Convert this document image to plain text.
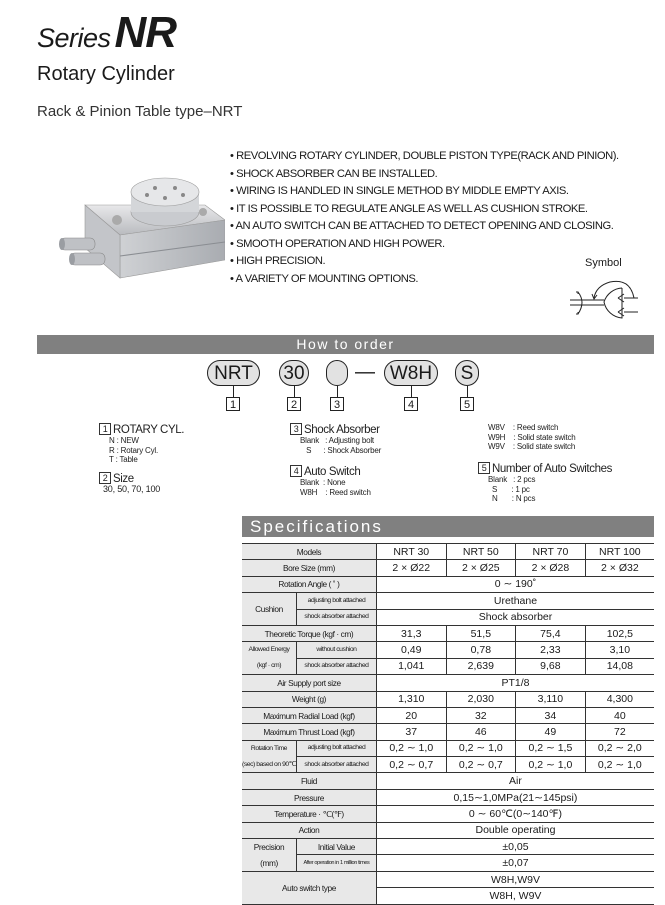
SeriesNR
Rotary Cylinder
Rack & Pinion Table type–NRT
• REVOLVING ROTARY CYLINDER, DOUBLE PISTON TYPE(RACK AND PINION).
• SHOCK ABSORBER CAN BE INSTALLED.
• WIRING IS HANDLED IN SINGLE METHOD BY MIDDLE EMPTY AXIS.
• IT IS POSSIBLE TO REGULATE ANGLE AS WELL AS CUSHION STROKE.
• AN AUTO SWITCH CAN BE ATTACHED TO DETECT OPENING AND CLOSING.
• SMOOTH OPERATION AND HIGH POWER.
• HIGH PRECISION.
• A VARIETY OF MOUNTING OPTIONS.
Symbol
How to order
NRT	30	— W8H	S
1	2	3	4	5
1 ROTARY CYL.
N : NEW
R : Rotary Cyl.
T : Table
2 Size
30, 50, 70, 100
3 Shock Absorber
Blank   : Adjusting bolt
S      : Shock Absorber
4 Auto Switch
Blank  : None
W8H    : Reed switch
W8V    : Reed switch
W9H    : Solid state switch
W9V    : Solid state switch
5 Number of Auto Switches
Blank   : 2 pcs
S       : 1 pc
N       : N pcs
Specifications
Models		NRT 30	NRT 50	NRT 70	NRT 100
Bore Size (mm)		2 × Ø22	2 × Ø25	2 × Ø28	2 × Ø32
Rotation Angle ( ˚ )		0 ∼ 190˚			
Cushion	adjusting bolt attached	Urethane			
	shock absorber attached	Shock absorber			
Theoretic Torque (kgf · cm)		31,3	51,5	75,4	102,5
Allowed Energy	without cushion	0,49	0,78	2,33	3,10
(kgf · cm)	shock absorber attached	1,041	2,639	9,68	14,08
Air Supply port size		PT1/8			
Weight (g)		1,310	2,030	3,110	4,300
Maximum Radial Load (kgf)		20	32	34	40
Maximum Thrust Load (kgf)		37	46	49	72
Rotation Time	adjusting bolt attached	0,2 ∼ 1,0	0,2 ∼ 1,0	0,2 ∼ 1,5	0,2 ∼ 2,0
(sec) based on 90℃	shock absorber attached	0,2 ∼ 0,7	0,2 ∼ 0,7	0,2 ∼ 1,0	0,2 ∼ 1,0
Fluid		Air			
Pressure		0,15∼1,0MPa(21∼145psi)			
Temperature · ℃(℉)		0 ∼ 60℃(0∼140℉)			
Action		Double operating			
Precision	Initial Value	±0,05			
(mm)	After operation in 1 million times	±0,07			
Auto switch type		W8H,W9V			
		W8H, W9V			
